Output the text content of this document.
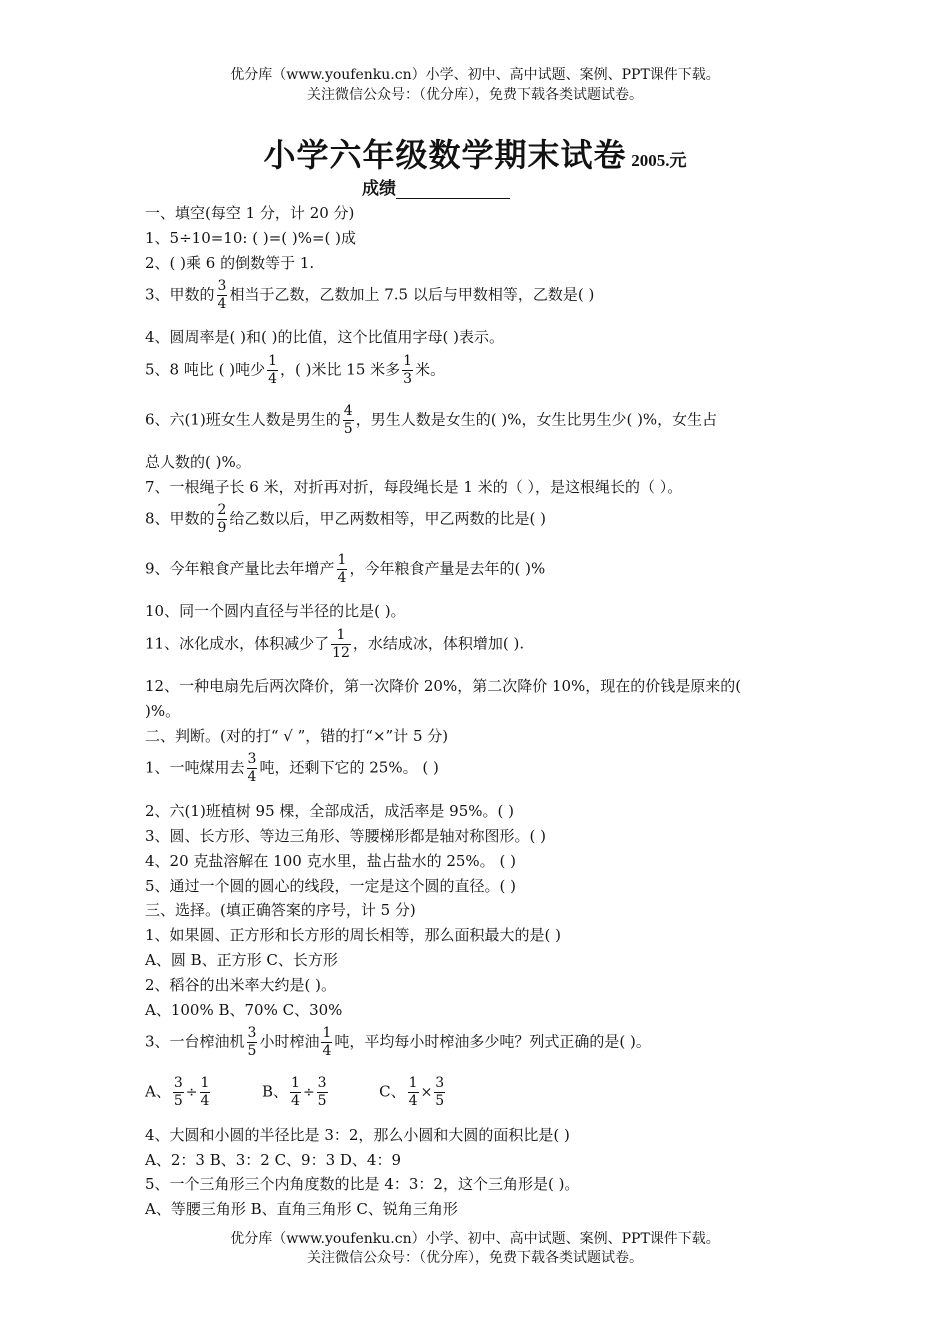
优分库（www.youfenku.cn）小学、初中、高中试题、案例、PPT课件下载。
关注微信公众号：（优分库），免费下载各类试题试卷。
小学六年级数学期末试卷 2005.元
成绩
一、填空(每空 1 分，计 20 分)
1、5÷10=10: ( )=( )%=( )成
2、( )乘 6 的倒数等于 1.
3、甲数的 $\frac{3}{4}$ 相当于乙数，乙数加上 7.5 以后与甲数相等，乙数是( )
4、圆周率是( )和( )的比值，这个比值用字母( )表示。
5、8 吨比 ( )吨少 $\frac{1}{4}$ ，( )米比 15 米多 $\frac{1}{3}$ 米。
6、六(1)班女生人数是男生的 $\frac{4}{5}$ ，男生人数是女生的( )%，女生比男生少( )%，女生占
总人数的( )%。
7、一根绳子长 6 米，对折再对折，每段绳长是 1 米的（ ），是这根绳长的（ ）。
8、甲数的 $\frac{2}{9}$ 给乙数以后，甲乙两数相等，甲乙两数的比是( )
9、今年粮食产量比去年增产 $\frac{1}{4}$ ，今年粮食产量是去年的( )%
10、同一个圆内直径与半径的比是( )。
11、冰化成水，体积减少了 $\frac{1}{12}$ ，水结成冰，体积增加( ).
12、一种电扇先后两次降价，第一次降价 20%，第二次降价 10%，现在的价钱是原来的(
)%。
二、判断。(对的打“ √ ”，错的打“×”计 5 分)
1、一吨煤用去 $\frac{3}{4}$ 吨，还剩下它的 25%。 ( )
2、六(1)班植树 95 棵，全部成活，成活率是 95%。( )
3、圆、长方形、等边三角形、等腰梯形都是轴对称图形。( )
4、20 克盐溶解在 100 克水里，盐占盐水的 25%。 ( )
5、通过一个圆的圆心的线段，一定是这个圆的直径。( )
三、选择。(填正确答案的序号，计 5 分)
1、如果圆、正方形和长方形的周长相等，那么面积最大的是( )
A、圆 B、正方形 C、长方形
2、稻谷的出米率大约是( )。
A、100% B、70% C、30%
3、一台榨油机 $\frac{3}{5}$ 小时榨油 $\frac{1}{4}$ 吨，平均每小时榨油多少吨？列式正确的是( )。
A、 $\frac{3}{5} \div \frac{1}{4}$	B、 $\frac{1}{4} \div \frac{3}{5}$	C、 $\frac{1}{4} \times \frac{3}{5}$
4、大圆和小圆的半径比是 3：2，那么小圆和大圆的面积比是( )
A、2：3 B、3：2 C、9：3 D、4：9
5、一个三角形三个内角度数的比是 4：3：2，这个三角形是( )。
A、等腰三角形 B、直角三角形 C、锐角三角形
优分库（www.youfenku.cn）小学、初中、高中试题、案例、PPT课件下载。
关注微信公众号：（优分库），免费下载各类试题试卷。
